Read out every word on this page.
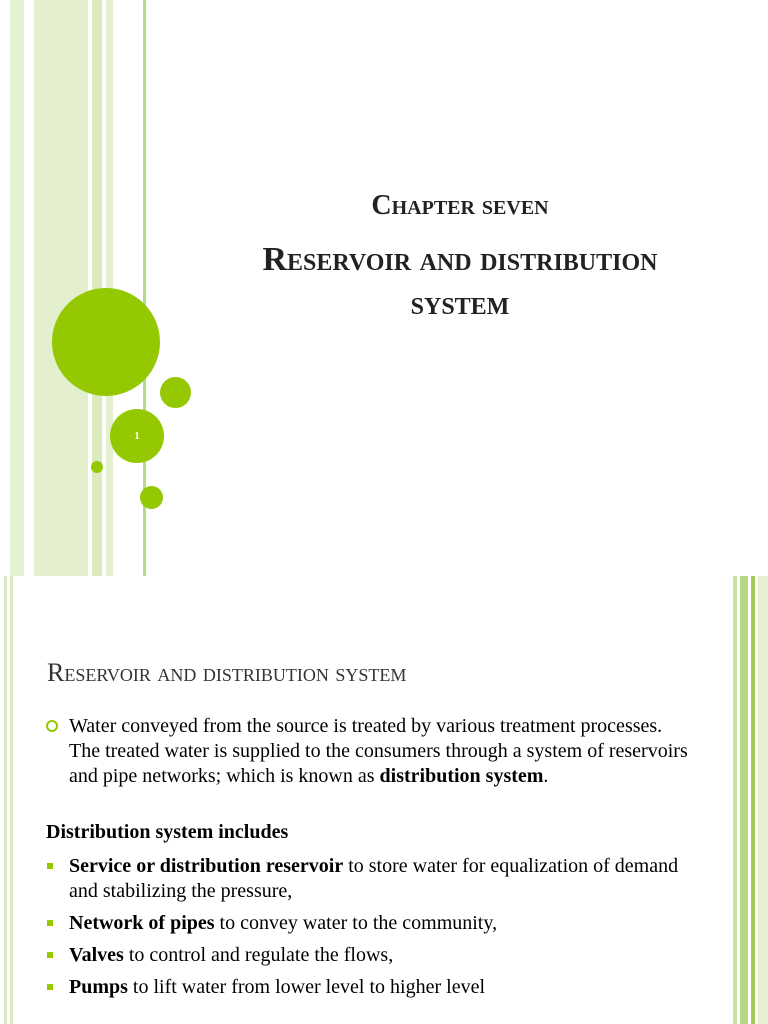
1
Chapter seven
Reservoir and distribution
system
Reservoir and distribution system
Water conveyed from the source is treated by various treatment processes. The treated water is supplied to the consumers through a system of reservoirs and pipe networks; which is known as distribution system.
Distribution system includes
Service or distribution reservoir to store water for equalization of demand and stabilizing the pressure,
Network of pipes to convey water to the community,
Valves to control and regulate the flows,
Pumps to lift water from lower level to higher level
